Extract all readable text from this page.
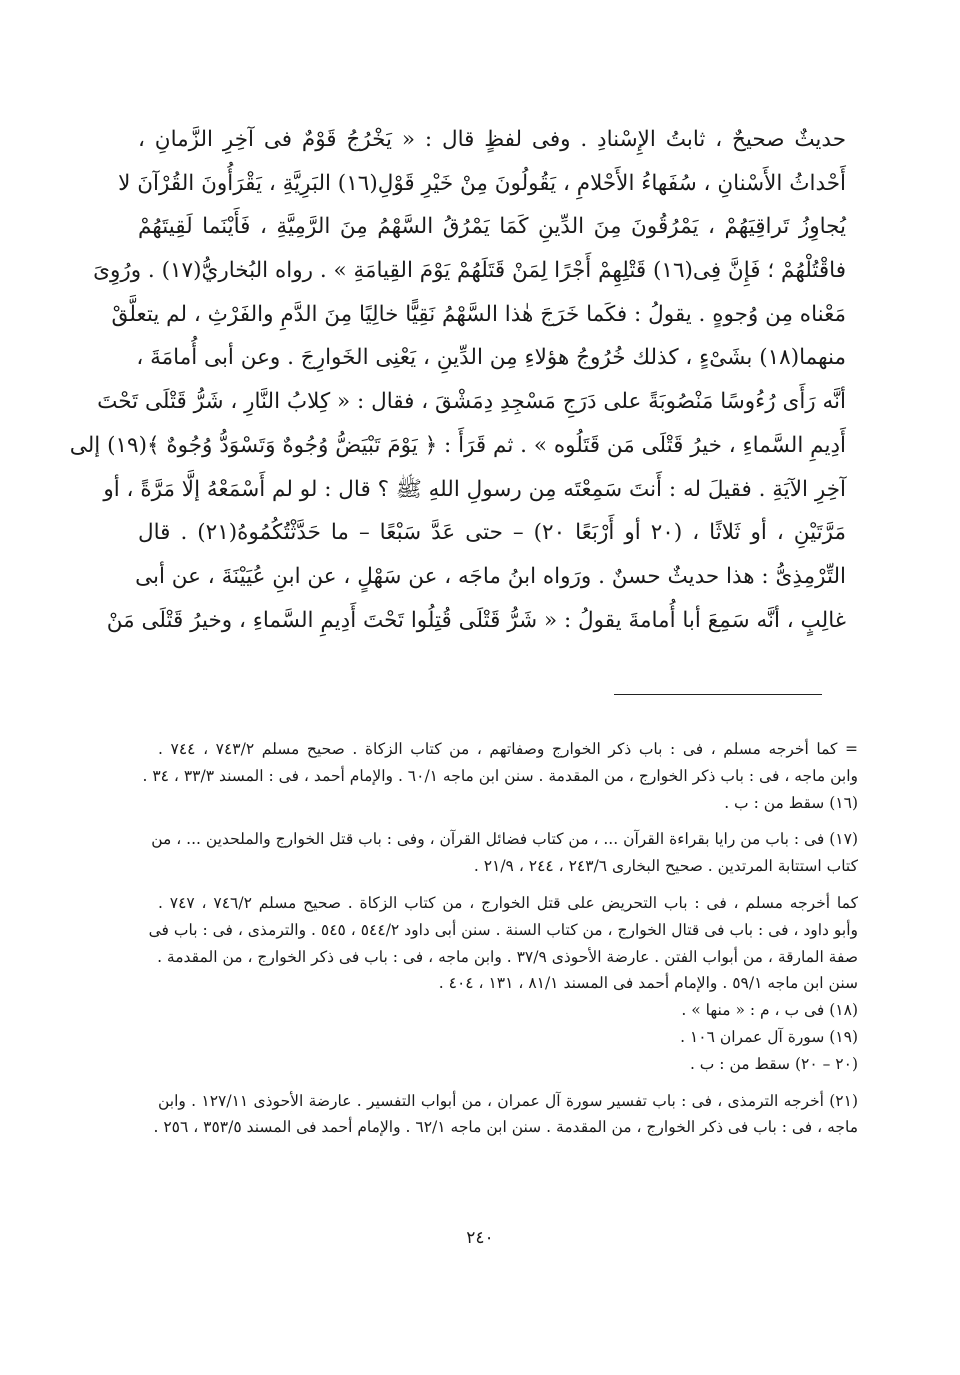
حديثٌ صحيحٌ ، ثابتُ الإِسْنادِ . وفى لفظٍ قال : « يَخْرُجُ قَوْمٌ فى آخِرِ الزَّمانِ ،
أَحْداثُ الأَسْنانِ ، سُفَهاءُ الأَحْلامِ ، يَقُولُونَ مِنْ خَيْرِ قَوْلِ(١٦) البَرِيَّةِ ، يَقْرَأُونَ القُرْآنَ لا
يُجاوِزُ تَراقِيَهُمْ ، يَمْرُقُونَ مِنَ الدِّينِ كَمَا يَمْرُقُ السَّهْمُ مِنَ الرَّمِيَّةِ ، فَأَيْنَما لَقِيتَهُمْ
فاقْتُلْهُمْ ؛ فَإِنَّ فِى(١٦) قَتْلِهِمْ أَجْرًا لِمَنْ قَتَلَهُمْ يَوْمَ القِيامَةِ » . رواه البُخاريُّ(١٧) . ورُوِىَ
مَعْناه مِن وُجوهٍ . يقولُ : فكَما خَرَجَ هٰذا السَّهْمُ نَقِيًّا خالِيًا مِنَ الدَّمِ والفَرْثِ ، لم يتعلَّقْ
منهما(١٨) بشَىْءٍ ، كذلك خُرُوجُ هؤلاءِ مِن الدِّينِ ، يَعْنِى الخَوارِجَ . وعن أبى أُمامَةَ ،
أنَّه رَأَى رُءُوسًا مَنْصُوبَةً على دَرَجِ مَسْجِدِ دِمَشْقَ ، فقال : « كِلابُ النَّارِ ، شَرُّ قَتْلَى تَحْتَ
أَدِيمِ السَّماءِ ، خيرُ قَتْلَى مَن قَتَلُوه » . ثم قَرَأَ : ﴿ يَوْمَ تَبْيَضُّ وُجُوهٌ وَتَسْوَدُّ وُجُوهٌ ﴾(١٩) إلى
آخِرِ الآيَةِ . فقيلَ له : أَنتَ سَمِعْتَه مِن رسولِ اللهِ ﷺ ؟ قال : لو لم أَسْمَعْهُ إلَّا مَرَّةً ، أو
مَرَّتَيْنِ ، أو ثَلاثًا ، (٢٠ أو أَرْبَعًا ٢٠) – حتى عَدَّ سَبْعًا – ما حَدَّثْتُكُمُوهُ(٢١) . قال
التِّرْمِذِىُّ : هذا حديثٌ حسنٌ . ورَواه ابنُ ماجَه ، عن سَهْلٍ ، عن ابنِ عُيَيْنَةَ ، عن أبى
غالِبٍ ، أنَّه سَمِعَ أبا أُمامةَ يقولُ : « شَرُّ قَتْلَى قُتِلُوا تَحْتَ أَدِيمِ السَّماءِ ، وخيرُ قَتْلَى مَنْ
= كما أخرجه مسلم ، فى : باب ذكر الخوارج وصفاتهم ، من كتاب الزكاة . صحيح مسلم ٧٤٣/٢ ، ٧٤٤ .
وابن ماجه ، فى : باب ذكر الخوارج ، من المقدمة . سنن ابن ماجه ٦٠/١ . والإمام أحمد ، فى : المسند ٣٣/٣ ، ٣٤ .
(١٦) سقط من : ب .
(١٧) فى : باب من رايا بقراءة القرآن ... ، من كتاب فضائل القرآن ، وفى : باب قتل الخوارج والملحدين ... ، من
كتاب استتابة المرتدين . صحيح البخارى ٢٤٣/٦ ، ٢٤٤ ، ٢١/٩ .
كما أخرجه مسلم ، فى : باب التحريض على قتل الخوارج ، من كتاب الزكاة . صحيح مسلم ٧٤٦/٢ ، ٧٤٧ .
وأبو داود ، فى : باب فى قتال الخوارج ، من كتاب السنة . سنن أبى داود ٥٤٤/٢ ، ٥٤٥ . والترمذى ، فى : باب فى
صفة المارقة ، من أبواب الفتن . عارضة الأحوذى ٣٧/٩ . وابن ماجه ، فى : باب فى ذكر الخوارج ، من المقدمة .
سنن ابن ماجه ٥٩/١ . والإمام أحمد فى المسند ٨١/١ ، ١٣١ ، ٤٠٤ .
(١٨) فى ب ، م : « منها » .
(١٩) سورة آل عمران ١٠٦ .
(٢٠ – ٢٠) سقط من : ب .
(٢١) أخرجه الترمذى ، فى : باب تفسير سورة آل عمران ، من أبواب التفسير . عارضة الأحوذى ١٢٧/١١ . وابن
ماجه ، فى : باب فى ذكر الخوارج ، من المقدمة . سنن ابن ماجه ٦٢/١ . والإمام أحمد فى المسند ٣٥٣/٥ ، ٢٥٦ .
٢٤٠
